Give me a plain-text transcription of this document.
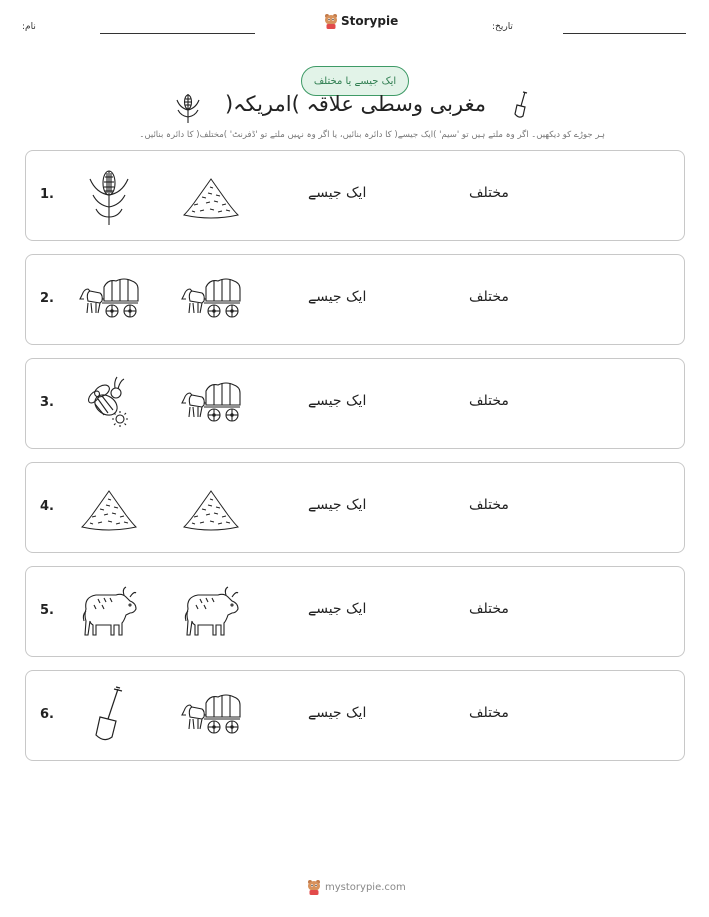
نام:	تاریخ:
Storypie
ایک جیسے یا مختلف
مغربی وسطی علاقہ )امریکہ(
ہر جوڑے کو دیکھیں۔ اگر وہ ملتے ہیں تو 'سیم' )ایک جیسے( کا دائرہ بنائیں، یا اگر وہ نہیں ملتے تو 'ڈفرنٹ' )مختلف( کا دائرہ بنائیں۔
1.	ایک جیسے	مختلف
2.	ایک جیسے	مختلف
3.	ایک جیسے	مختلف
4.	ایک جیسے	مختلف
5.	ایک جیسے	مختلف
6.	ایک جیسے	مختلف
mystorypie.com
